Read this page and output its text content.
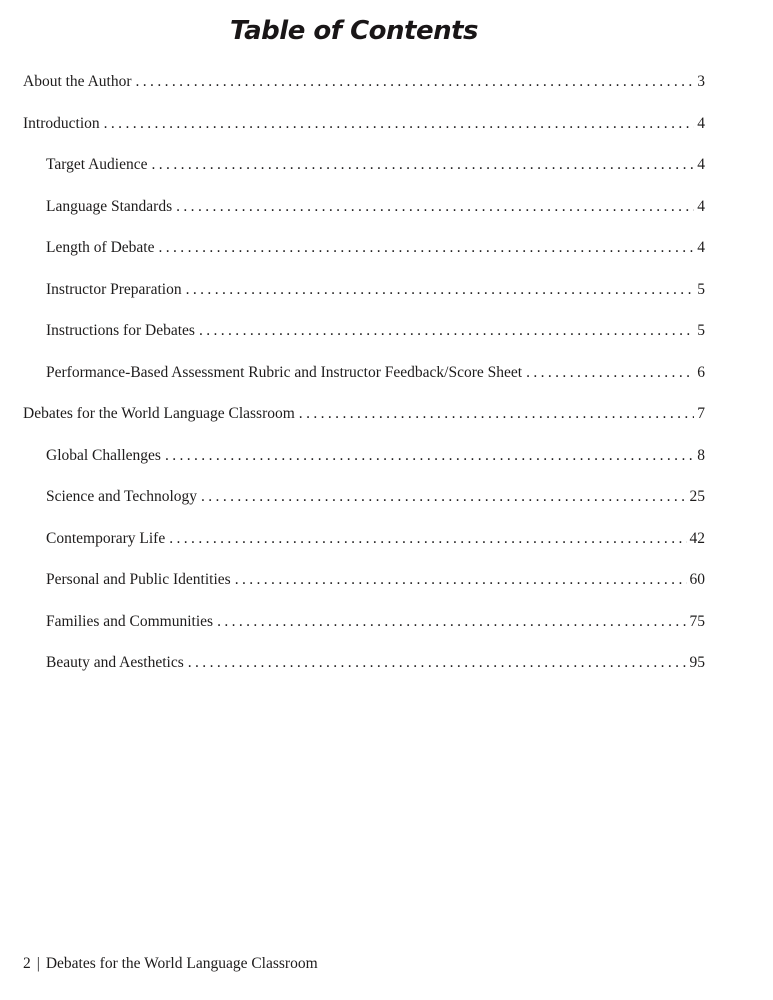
Table of Contents
About the Author .....	3
Introduction .....	4
Target Audience .....	4
Language Standards .....	4
Length of Debate .....	4
Instructor Preparation .....	5
Instructions for Debates .....	5
Performance-Based Assessment Rubric and Instructor Feedback/Score Sheet .....	6
Debates for the World Language Classroom .....	7
Global Challenges .....	8
Science and Technology .....	25
Contemporary Life .....	42
Personal and Public Identities .....	60
Families and Communities .....	75
Beauty and Aesthetics .....	95
2 | Debates for the World Language Classroom
